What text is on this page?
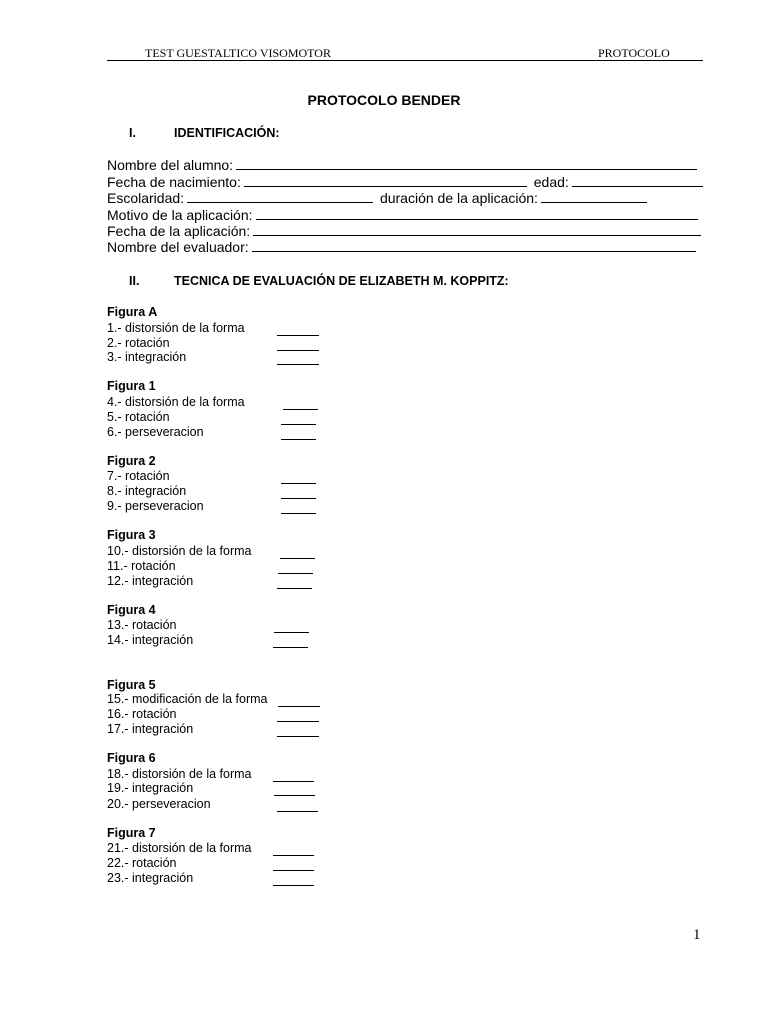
TEST GUESTALTICO VISOMOTOR	PROTOCOLO
PROTOCOLO BENDER
I.	IDENTIFICACIÓN:
Nombre del alumno:
Fecha de nacimiento:	edad:
Escolaridad:	duración de la aplicación:
Motivo de la aplicación:
Fecha de la aplicación:
Nombre del evaluador:
II.	TECNICA DE EVALUACIÓN DE ELIZABETH M. KOPPITZ:
Figura A
1.- distorsión de la forma
2.- rotación
3.- integración
Figura 1
4.- distorsión de la forma
5.- rotación
6.- perseveracion
Figura 2
7.- rotación
8.- integración
9.- perseveracion
Figura 3
10.- distorsión de la forma
11.- rotación
12.- integración
Figura 4
13.- rotación
14.- integración
Figura 5
15.- modificación de la forma
16.- rotación
17.- integración
Figura 6
18.- distorsión de la forma
19.- integración
20.- perseveracion
Figura 7
21.- distorsión de la forma
22.- rotación
23.- integración
1
